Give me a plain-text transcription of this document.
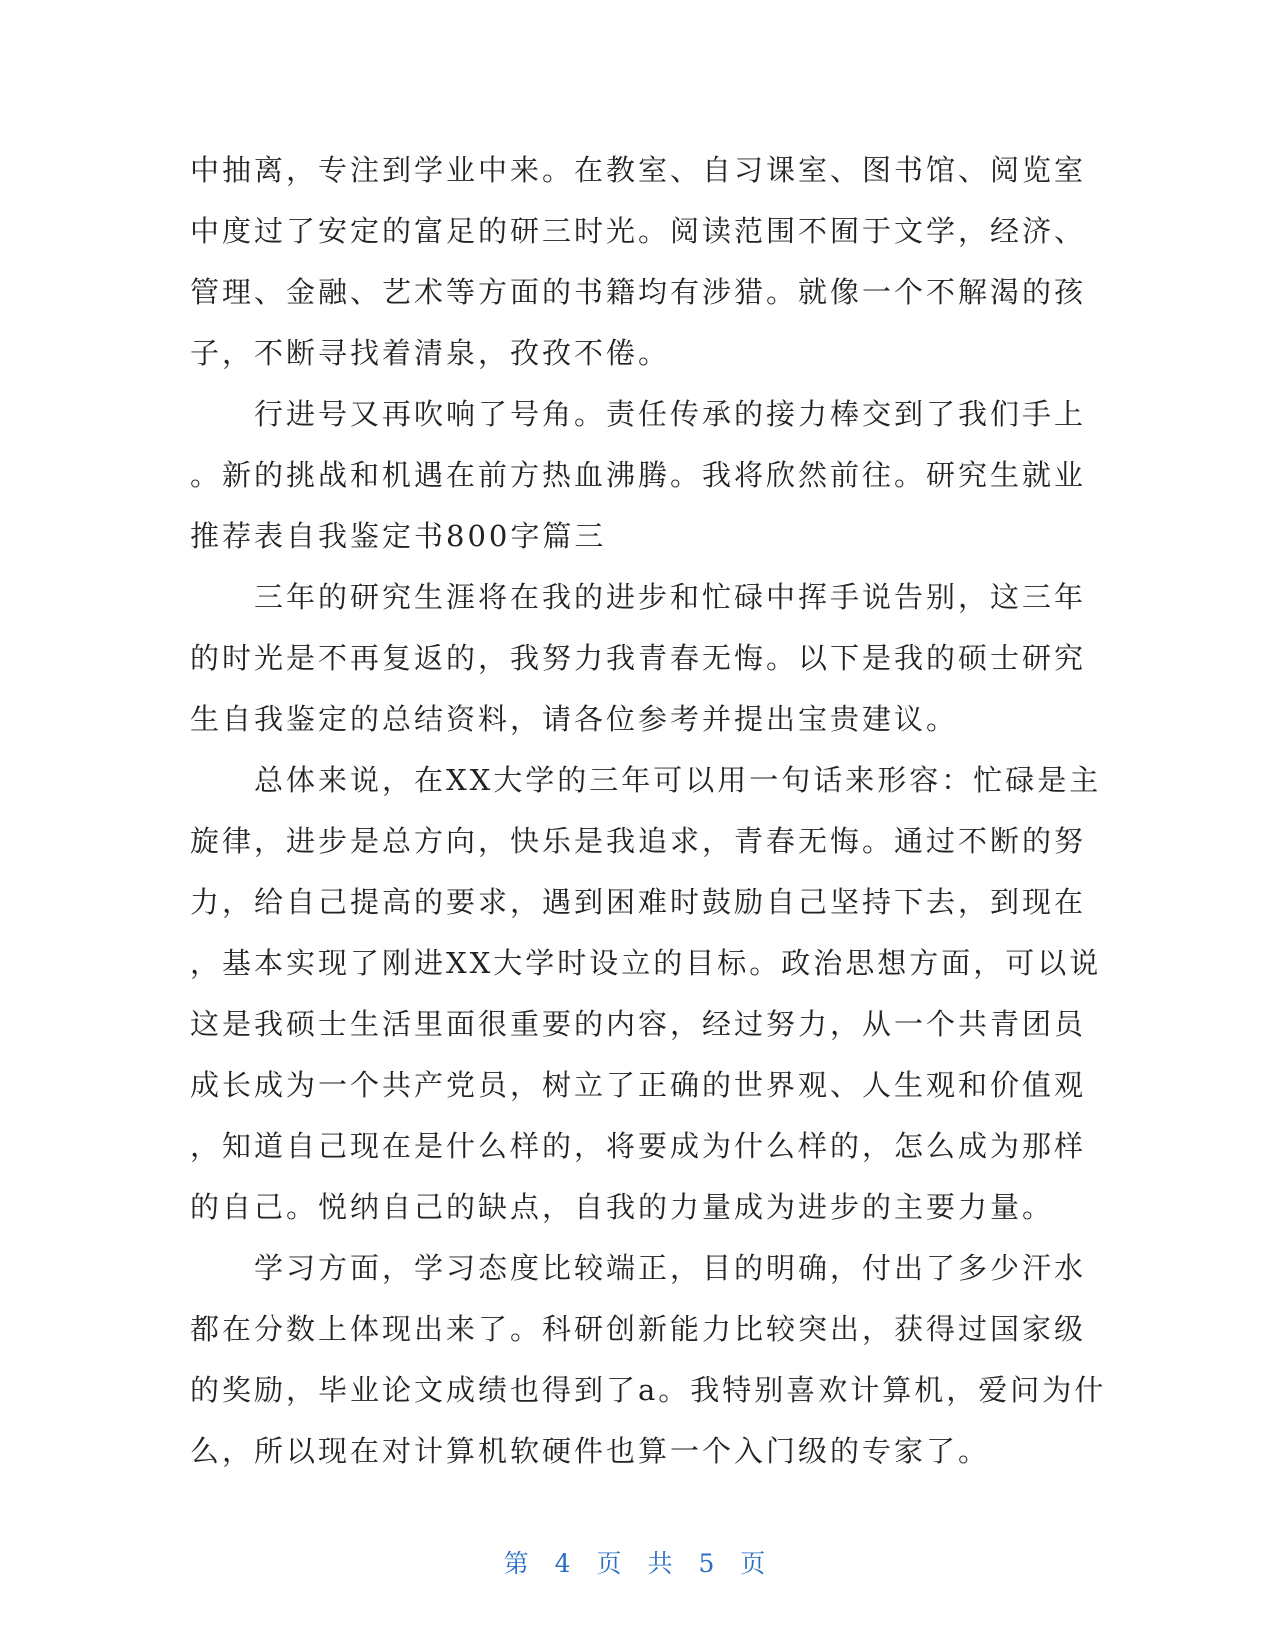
中抽离，专注到学业中来。在教室、自习课室、图书馆、阅览室
中度过了安定的富足的研三时光。阅读范围不囿于文学，经济、
管理、金融、艺术等方面的书籍均有涉猎。就像一个不解渴的孩
子，不断寻找着清泉，孜孜不倦。
　　行进号又再吹响了号角。责任传承的接力棒交到了我们手上
。新的挑战和机遇在前方热血沸腾。我将欣然前往。研究生就业
推荐表自我鉴定书800字篇三
　　三年的研究生涯将在我的进步和忙碌中挥手说告别，这三年
的时光是不再复返的，我努力我青春无悔。以下是我的硕士研究
生自我鉴定的总结资料，请各位参考并提出宝贵建议。
　　总体来说，在XX大学的三年可以用一句话来形容：忙碌是主
旋律，进步是总方向，快乐是我追求，青春无悔。通过不断的努
力，给自己提高的要求，遇到困难时鼓励自己坚持下去，到现在
，基本实现了刚进XX大学时设立的目标。政治思想方面，可以说
这是我硕士生活里面很重要的内容，经过努力，从一个共青团员
成长成为一个共产党员，树立了正确的世界观、人生观和价值观
，知道自己现在是什么样的，将要成为什么样的，怎么成为那样
的自己。悦纳自己的缺点，自我的力量成为进步的主要力量。
　　学习方面，学习态度比较端正，目的明确，付出了多少汗水
都在分数上体现出来了。科研创新能力比较突出，获得过国家级
的奖励，毕业论文成绩也得到了a。我特别喜欢计算机，爱问为什
么，所以现在对计算机软硬件也算一个入门级的专家了。
第 4 页 共 5 页
